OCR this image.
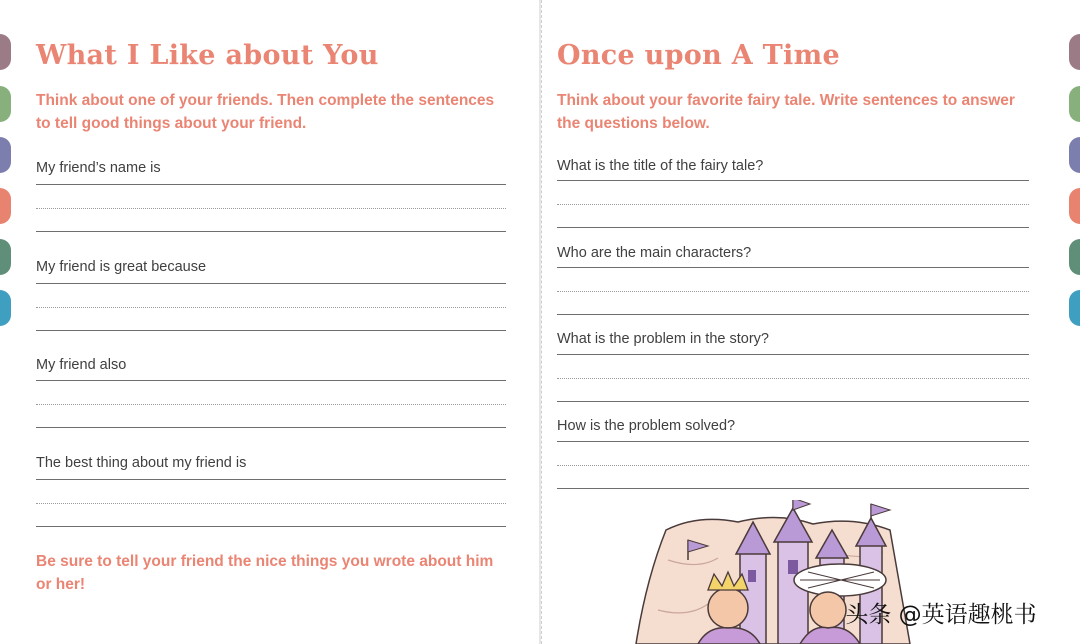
What I Like about You
Think about one of your friends. Then complete the sentences
to tell good things about your friend.
My friend’s name is
My friend is great because
My friend also
The best thing about my friend is
Be sure to tell your friend the nice things you wrote about him
or her!
Once upon A Time
Think about your favorite fairy tale. Write sentences to answer
the questions below.
What is the title of the fairy tale?
Who are the main characters?
What is the problem in the story?
How is the problem solved?
头条 @英语趣桃书
